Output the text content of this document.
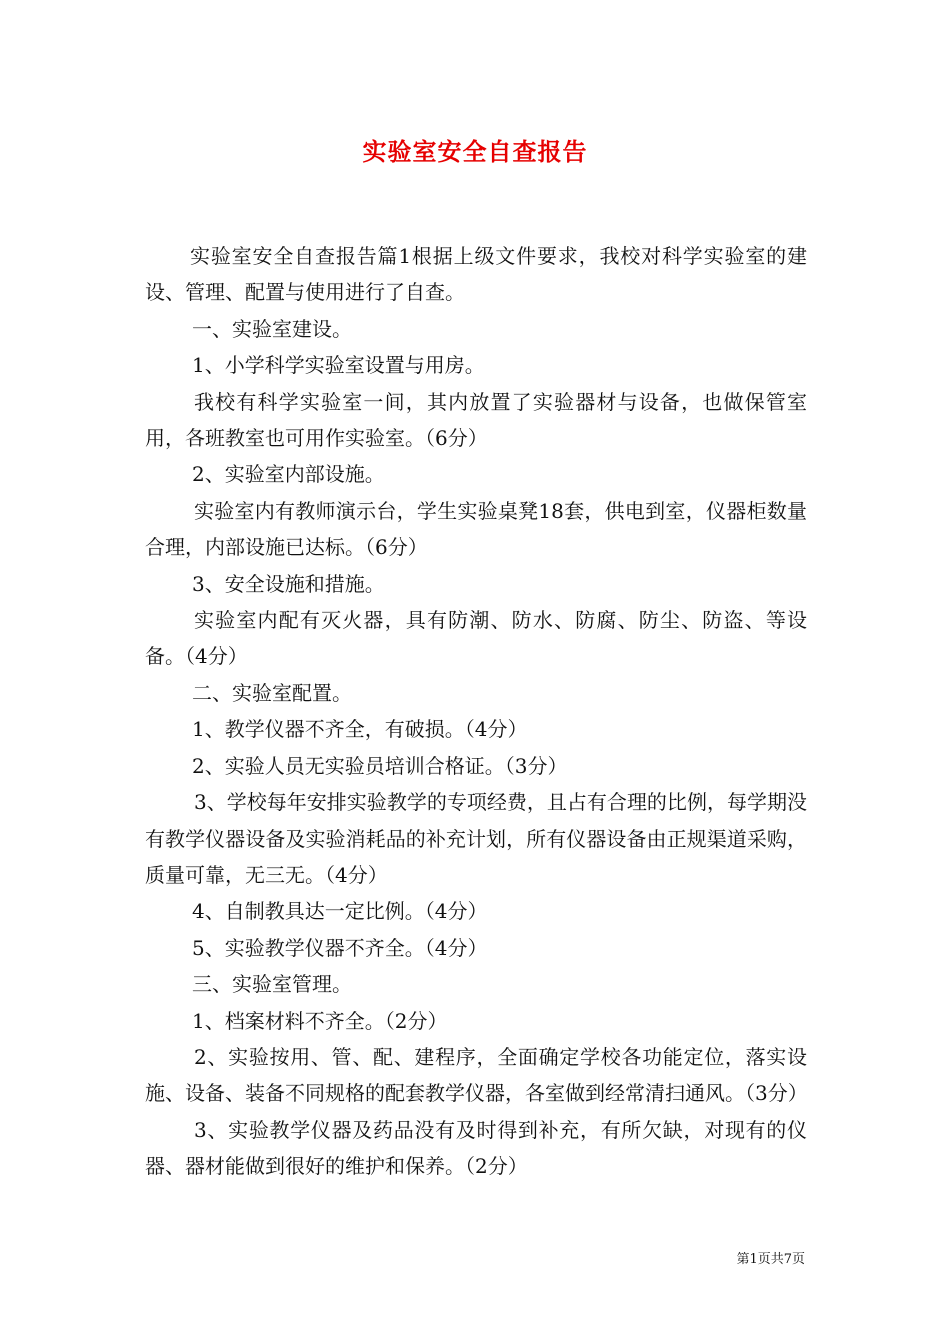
实验室安全自查报告

实验室安全自查报告篇1根据上级文件要求，我校对科学实验室的建设、管理、配置与使用进行了自查。

一、实验室建设。

1、小学科学实验室设置与用房。

我校有科学实验室一间，其内放置了实验器材与设备，也做保管室用，各班教室也可用作实验室。（6分）

2、实验室内部设施。

实验室内有教师演示台，学生实验桌凳18套，供电到室，仪器柜数量合理，内部设施已达标。（6分）

3、安全设施和措施。

实验室内配有灭火器，具有防潮、防水、防腐、防尘、防盗、等设备。（4分）

二、实验室配置。

1、教学仪器不齐全，有破损。（4分）

2、实验人员无实验员培训合格证。（3分）

3、学校每年安排实验教学的专项经费，且占有合理的比例，每学期没有教学仪器设备及实验消耗品的补充计划，所有仪器设备由正规渠道采购，质量可靠，无三无。（4分）

4、自制教具达一定比例。（4分）

5、实验教学仪器不齐全。（4分）

三、实验室管理。

1、档案材料不齐全。（2分）

2、实验按用、管、配、建程序，全面确定学校各功能定位，落实设施、设备、装备不同规格的配套教学仪器，各室做到经常清扫通风。（3分）

3、实验教学仪器及药品没有及时得到补充，有所欠缺，对现有的仪器、器材能做到很好的维护和保养。（2分）

第1页共7页
